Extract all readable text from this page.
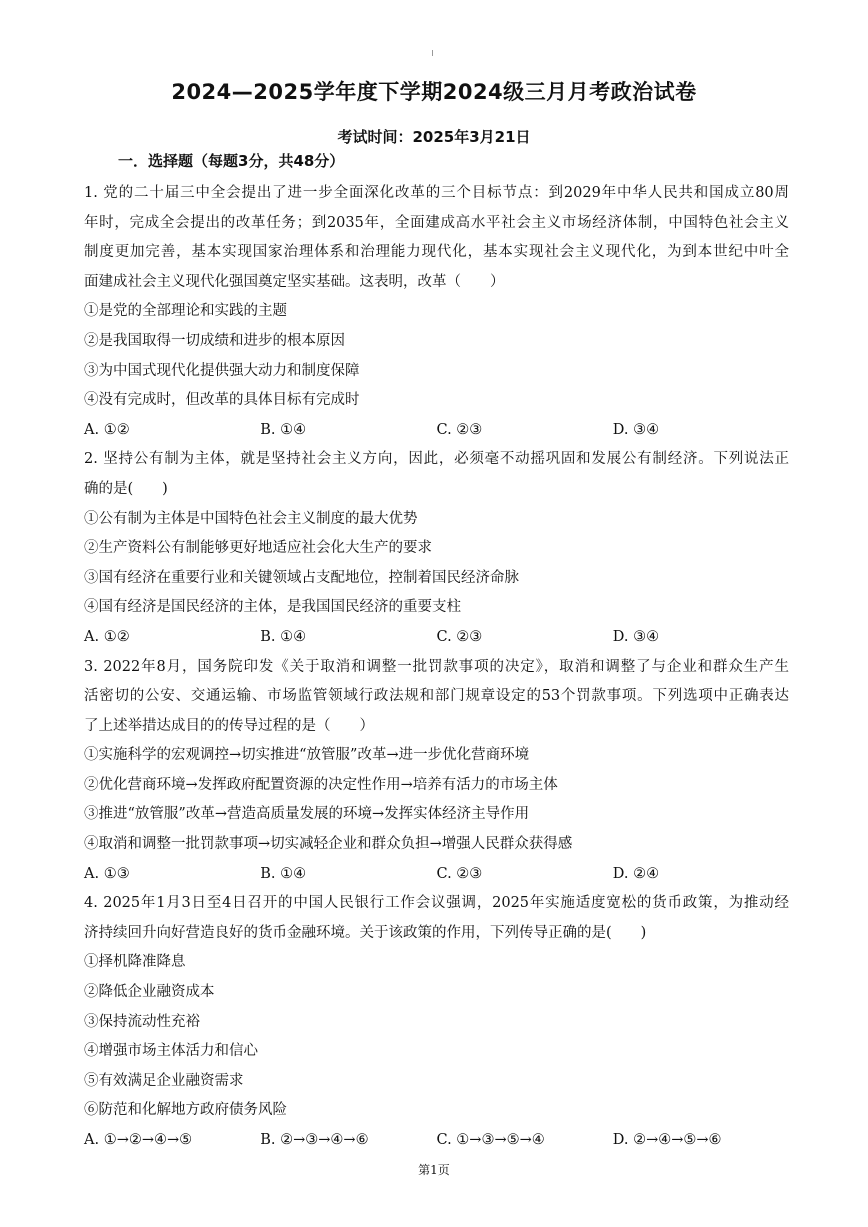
2024—2025学年度下学期2024级三月月考政治试卷
考试时间：2025年3月21日
一．选择题（每题3分，共48分）
1. 党的二十届三中全会提出了进一步全面深化改革的三个目标节点：到2029年中华人民共和国成立80周
年时，完成全会提出的改革任务；到2035年，全面建成高水平社会主义市场经济体制，中国特色社会主义
制度更加完善，基本实现国家治理体系和治理能力现代化，基本实现社会主义现代化，为到本世纪中叶全
面建成社会主义现代化强国奠定坚实基础。这表明，改革（　　）
①是党的全部理论和实践的主题
②是我国取得一切成绩和进步的根本原因
③为中国式现代化提供强大动力和制度保障
④没有完成时，但改革的具体目标有完成时
A. ①②	B. ①④	C. ②③	D. ③④
2. 坚持公有制为主体，就是坚持社会主义方向，因此，必须毫不动摇巩固和发展公有制经济。下列说法正
确的是(　　)
①公有制为主体是中国特色社会主义制度的最大优势
②生产资料公有制能够更好地适应社会化大生产的要求
③国有经济在重要行业和关键领域占支配地位，控制着国民经济命脉
④国有经济是国民经济的主体，是我国国民经济的重要支柱
A. ①②	B. ①④	C. ②③	D. ③④
3. 2022年8月，国务院印发《关于取消和调整一批罚款事项的决定》，取消和调整了与企业和群众生产生
活密切的公安、交通运输、市场监管领域行政法规和部门规章设定的53个罚款事项。下列选项中正确表达
了上述举措达成目的的传导过程的是（　　）
①实施科学的宏观调控→切实推进“放管服”改革→进一步优化营商环境
②优化营商环境→发挥政府配置资源的决定性作用→培养有活力的市场主体
③推进“放管服”改革→营造高质量发展的环境→发挥实体经济主导作用
④取消和调整一批罚款事项→切实减轻企业和群众负担→增强人民群众获得感
A. ①③	B. ①④	C. ②③	D. ②④
4. 2025年1月3日至4日召开的中国人民银行工作会议强调，2025年实施适度宽松的货币政策，为推动经
济持续回升向好营造良好的货币金融环境。关于该政策的作用，下列传导正确的是(　　)
①择机降准降息
②降低企业融资成本
③保持流动性充裕
④增强市场主体活力和信心
⑤有效满足企业融资需求
⑥防范和化解地方政府债务风险
A. ①→②→④→⑤	B. ②→③→④→⑥	C. ①→③→⑤→④	D. ②→④→⑤→⑥
第1页
